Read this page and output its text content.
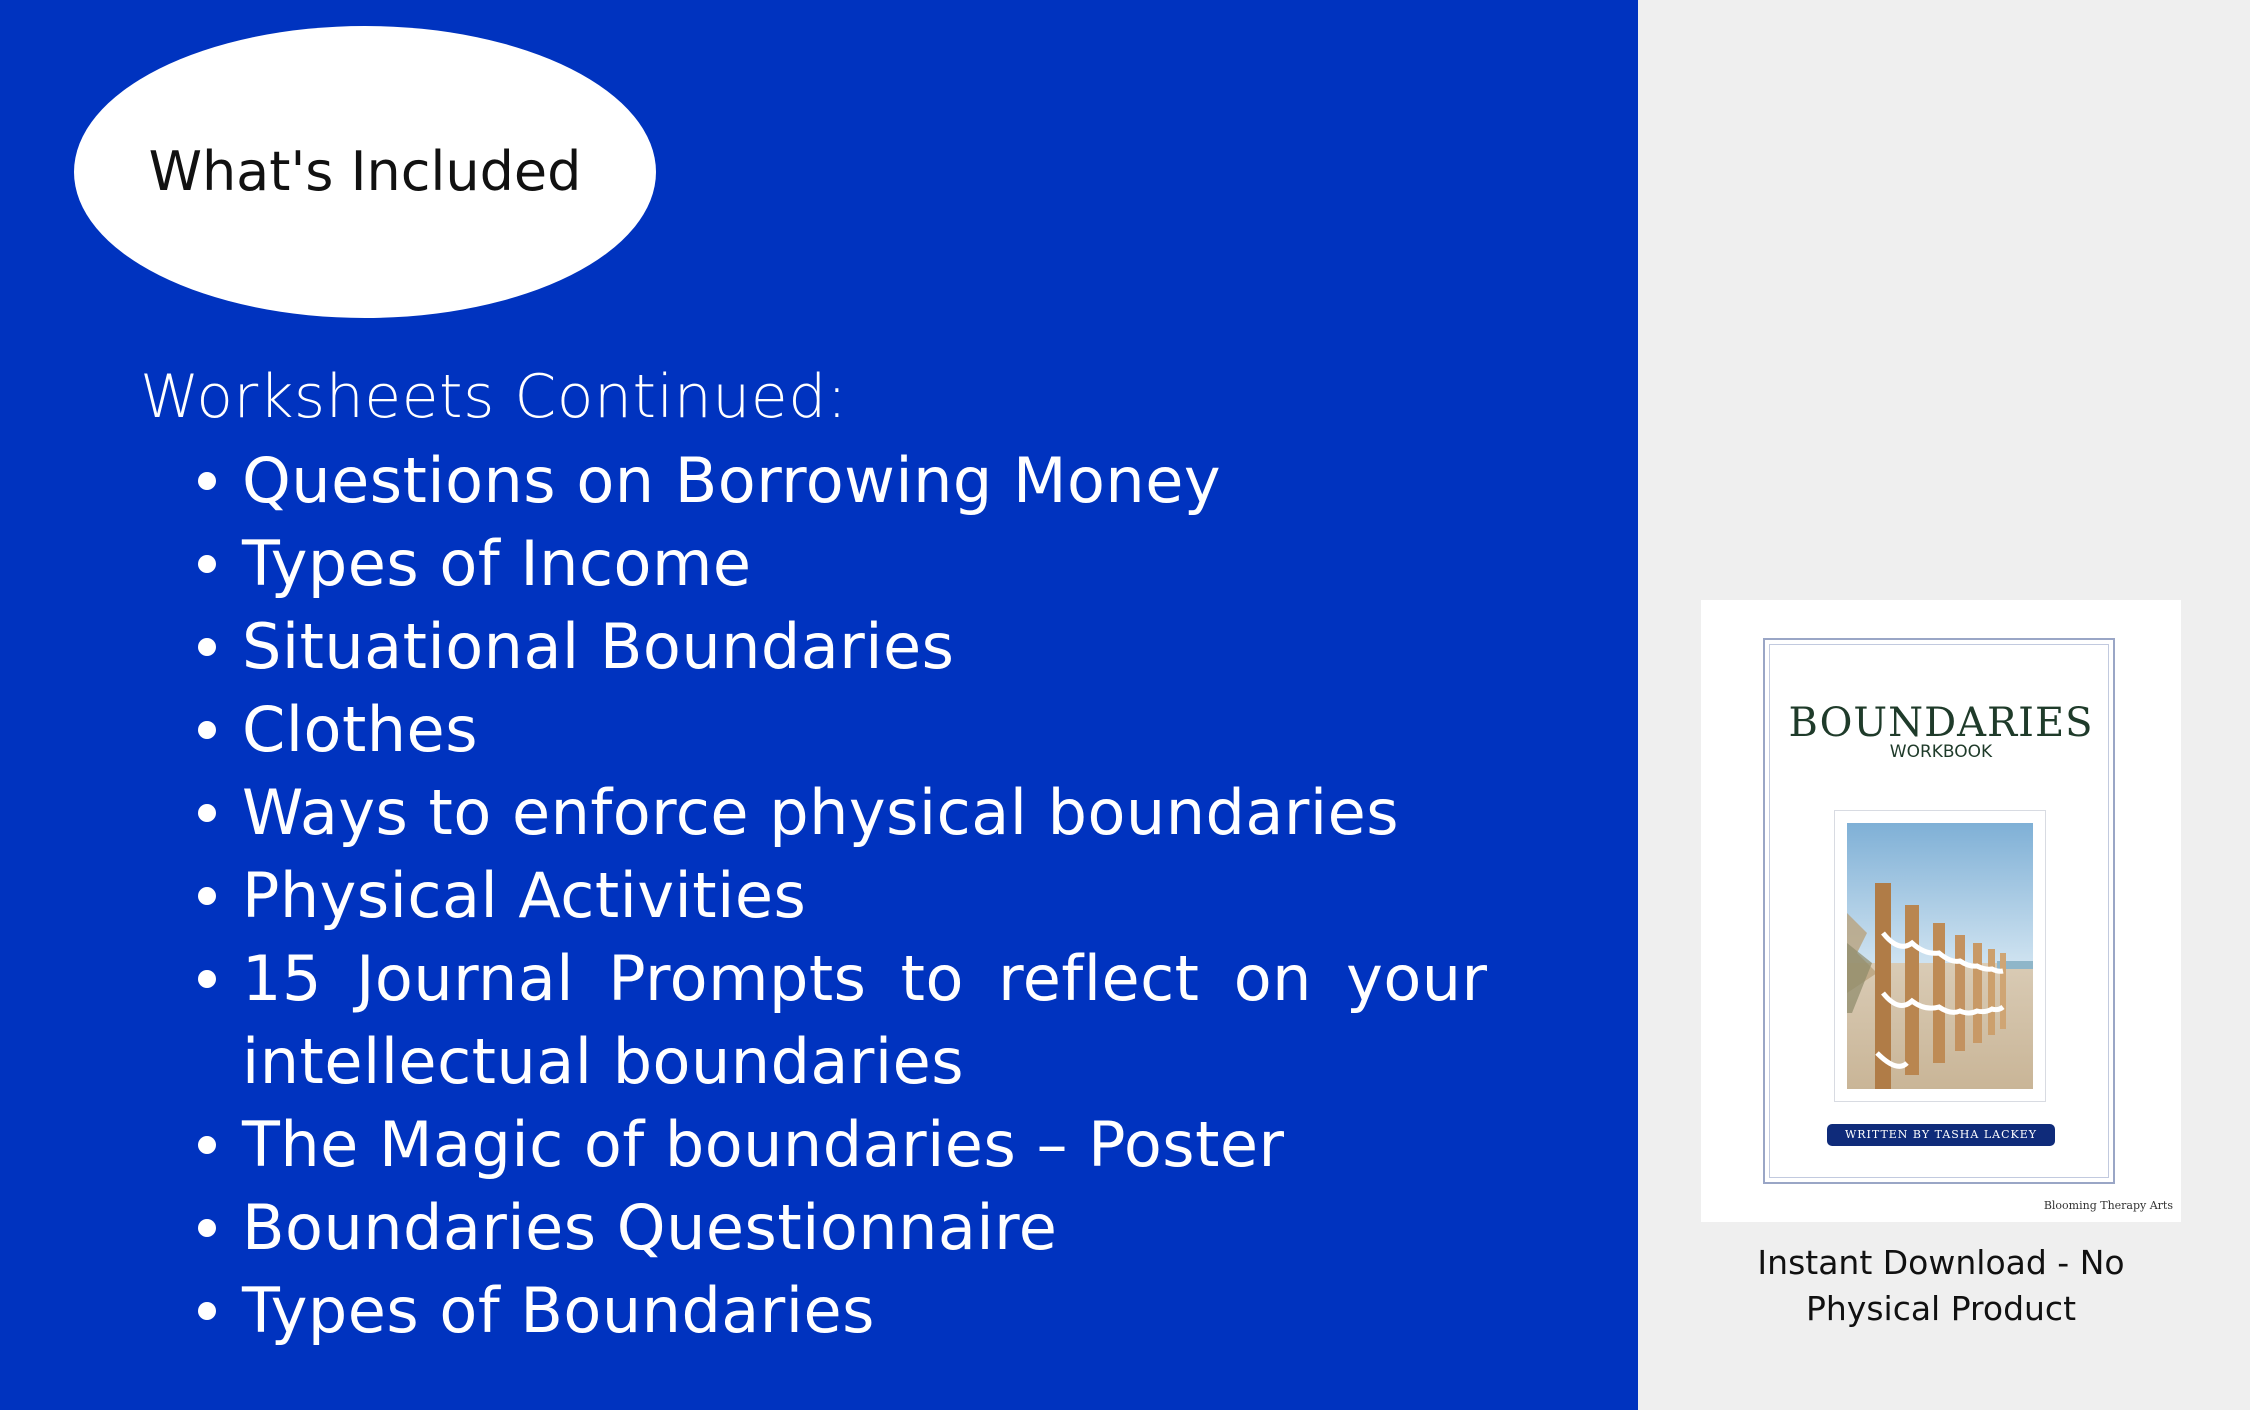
What's Included
Worksheets Continued:
Questions on Borrowing Money
Types of Income
Situational Boundaries
Clothes
Ways to enforce physical boundaries
Physical Activities
15 Journal Prompts to reflect on your
intellectual boundaries
The Magic of boundaries – Poster
Boundaries Questionnaire
Types of Boundaries
BOUNDARIES
WORKBOOK
WRITTEN BY TASHA LACKEY
Blooming Therapy Arts
Instant Download - No
Physical Product
